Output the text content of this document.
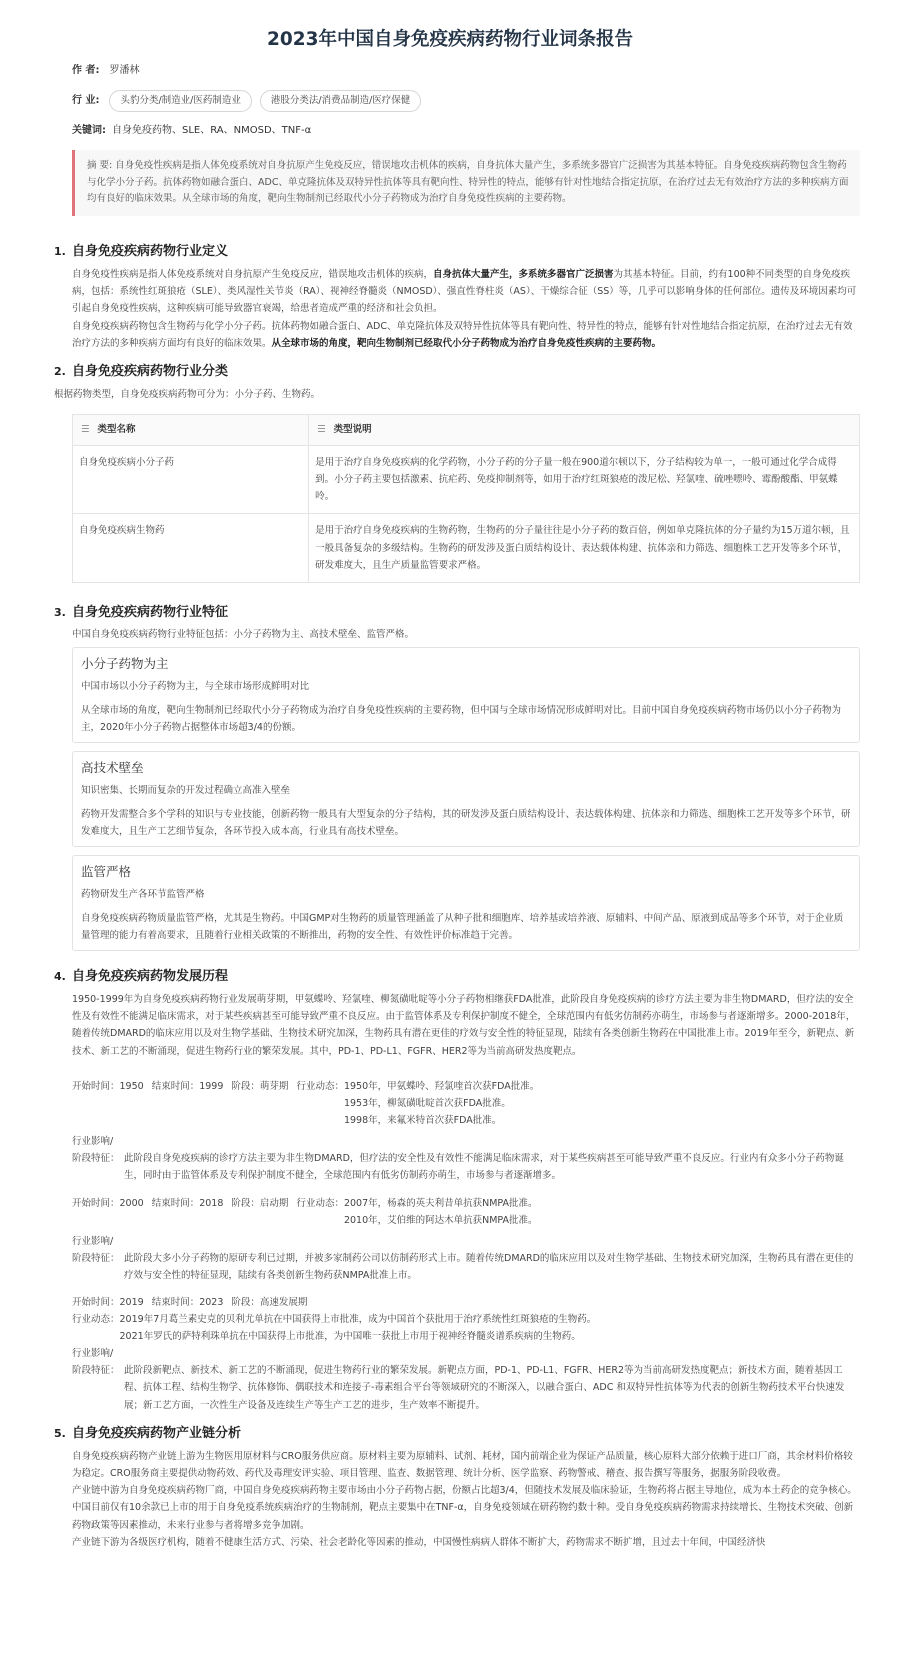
2023年中国自身免疫疾病药物行业词条报告
作 者: 罗潘林
行 业:	头豹分类/制造业/医药制造业	港股分类法/消费品制造/医疗保健
关键词: 自身免疫药物、SLE、RA、NMOSD、TNF-α
摘 要: 自身免疫性疾病是指人体免疫系统对自身抗原产生免疫反应，错误地攻击机体的疾病，自身抗体大量产生，多系统多器官广泛损害为其基本特征。自身免疫疾病药物包含生物药与化学小分子药。抗体药物如融合蛋白、ADC、单克隆抗体及双特异性抗体等具有靶向性、特异性的特点，能够有针对性地结合指定抗原，在治疗过去无有效治疗方法的多种疾病方面均有良好的临床效果。从全球市场的角度，靶向生物制剂已经取代小分子药物成为治疗自身免疫性疾病的主要药物。
1. 自身免疫疾病药物行业定义

自身免疫性疾病是指人体免疫系统对自身抗原产生免疫反应，错误地攻击机体的疾病，自身抗体大量产生，多系统多器官广泛损害为其基本特征。目前，约有100种不同类型的自身免疫疾病，包括：系统性红斑狼疮（SLE）、类风湿性关节炎（RA）、视神经脊髓炎（NMOSD）、强直性脊柱炎（AS）、干燥综合征（SS）等，几乎可以影响身体的任何部位。遗传及环境因素均可引起自身免疫性疾病，这种疾病可能导致器官衰竭，给患者造成严重的经济和社会负担。

自身免疫疾病药物包含生物药与化学小分子药。抗体药物如融合蛋白、ADC、单克隆抗体及双特异性抗体等具有靶向性、特异性的特点，能够有针对性地结合指定抗原，在治疗过去无有效治疗方法的多种疾病方面均有良好的临床效果。从全球市场的角度，靶向生物制剂已经取代小分子药物成为治疗自身免疫性疾病的主要药物。

2. 自身免疫疾病药物行业分类

根据药物类型，自身免疫疾病药物可分为：小分子药、生物药。

☰ 类型名称	☰ 类型说明
自身免疫疾病小分子药	是用于治疗自身免疫疾病的化学药物，小分子药的分子量一般在900道尔顿以下，分子结构较为单一，一般可通过化学合成得到。小分子药主要包括激素、抗疟药、免疫抑制剂等，如用于治疗红斑狼疮的泼尼松、羟氯喹、硫唑嘌呤、霉酚酸酯、甲氨蝶呤。
自身免疫疾病生物药	是用于治疗自身免疫疾病的生物药物，生物药的分子量往往是小分子药的数百倍，例如单克隆抗体的分子量约为15万道尔顿，且一般具备复杂的多级结构。生物药的研发涉及蛋白质结构设计、表达载体构建、抗体亲和力筛选、细胞株工艺开发等多个环节，研发难度大，且生产质量监管要求严格。
3. 自身免疫疾病药物行业特征

中国自身免疫疾病药物行业特征包括：小分子药物为主、高技术壁垒、监管严格。

小分子药物为主
中国市场以小分子药物为主，与全球市场形成鲜明对比
从全球市场的角度，靶向生物制剂已经取代小分子药物成为治疗自身免疫性疾病的主要药物，但中国与全球市场情况形成鲜明对比。目前中国自身免疫疾病药物市场仍以小分子药物为主，2020年小分子药物占据整体市场超3/4的份额。
高技术壁垒
知识密集、长期而复杂的开发过程确立高准入壁垒
药物开发需整合多个学科的知识与专业技能，创新药物一般具有大型复杂的分子结构，其的研发涉及蛋白质结构设计、表达载体构建、抗体亲和力筛选、细胞株工艺开发等多个环节，研发难度大，且生产工艺细节复杂，各环节投入成本高，行业具有高技术壁垒。
监管严格
药物研发生产各环节监管严格
自身免疫疾病药物质量监管严格，尤其是生物药。中国GMP对生物药的质量管理涵盖了从种子批和细胞库、培养基或培养液、原辅料、中间产品、原液到成品等多个环节，对于企业质量管理的能力有着高要求，且随着行业相关政策的不断推出，药物的安全性、有效性评价标准趋于完善。
4. 自身免疫疾病药物发展历程

1950-1999年为自身免疫疾病药物行业发展萌芽期，甲氨蝶呤、羟氯喹、柳氮磺吡啶等小分子药物相继获FDA批准，此阶段自身免疫疾病的诊疗方法主要为非生物DMARD，但疗法的安全性及有效性不能满足临床需求，对于某些疾病甚至可能导致严重不良反应。由于监管体系及专利保护制度不健全，全球范围内有低劣仿制药亦萌生，市场参与者逐渐增多。2000-2018年，随着传统DMARD的临床应用以及对生物学基础、生物技术研究加深，生物药具有潜在更佳的疗效与安全性的特征显现，陆续有各类创新生物药在中国批准上市。2019年至今，新靶点、新技术、新工艺的不断涌现，促进生物药行业的繁荣发展。其中，PD-1、PD-L1、FGFR、HER2等为当前高研发热度靶点。

开始时间： 1950 结束时间： 1999 阶段： 萌芽期 行业动态： 1950年，甲氨蝶呤、羟氯喹首次获FDA批准。
1953年，柳氮磺吡啶首次获FDA批准。
1998年，来氟米特首次获FDA批准。
行业影响/
阶段特征： 此阶段自身免疫疾病的诊疗方法主要为非生物DMARD，但疗法的安全性及有效性不能满足临床需求，对于某些疾病甚至可能导致严重不良反应。行业内有众多小分子药物诞生，同时由于监管体系及专利保护制度不健全，全球范围内有低劣仿制药亦萌生，市场参与者逐渐增多。
开始时间： 2000 结束时间： 2018 阶段： 启动期 行业动态： 2007年，杨森的英夫利昔单抗获NMPA批准。
2010年，艾伯维的阿达木单抗获NMPA批准。
行业影响/
阶段特征： 此阶段大多小分子药物的原研专利已过期，并被多家制药公司以仿制药形式上市。随着传统DMARD的临床应用以及对生物学基础、生物技术研究加深，生物药具有潜在更佳的疗效与安全性的特征显现，陆续有各类创新生物药获NMPA批准上市。
开始时间： 2019 结束时间： 2023 阶段： 高速发展期
行业动态： 2019年7月葛兰素史克的贝利尤单抗在中国获得上市批准，成为中国首个获批用于治疗系统性红斑狼疮的生物药。
2021年罗氏的萨特利珠单抗在中国获得上市批准，为中国唯一获批上市用于视神经脊髓炎谱系疾病的生物药。
行业影响/
阶段特征： 此阶段新靶点、新技术、新工艺的不断涌现，促进生物药行业的繁荣发展。新靶点方面，PD-1、PD-L1、FGFR、HER2等为当前高研发热度靶点；新技术方面，随着基因工程、抗体工程、结构生物学、抗体修饰、偶联技术和连接子-毒素组合平台等领域研究的不断深入，以融合蛋白、ADC 和双特异性抗体等为代表的创新生物药技术平台快速发展；新工艺方面，一次性生产设备及连续生产等生产工艺的进步，生产效率不断提升。
5. 自身免疫疾病药物产业链分析

自身免疫疾病药物产业链上游为生物医用原材料与CRO服务供应商。原材料主要为原辅料、试剂、耗材，国内前端企业为保证产品质量，核心原料大部分依赖于进口厂商，其余材料价格较为稳定。CRO服务商主要提供动物药效、药代及毒理安评实验、项目管理、监查、数据管理、统计分析、医学监察、药物警戒、稽查、报告撰写等服务，据服务阶段收费。

产业链中游为自身免疫疾病药物厂商，中国自身免疫疾病药物主要市场由小分子药物占据，份额占比超3/4，但随技术发展及临床验证，生物药将占据主导地位，成为本土药企的竞争核心。中国目前仅有10余款已上市的用于自身免疫系统疾病治疗的生物制剂，靶点主要集中在TNF-α，自身免疫领域在研药物约数十种。受自身免疫疾病药物需求持续增长、生物技术突破、创新药物政策等因素推动，未来行业参与者将增多竞争加剧。

产业链下游为各级医疗机构，随着不健康生活方式、污染、社会老龄化等因素的推动，中国慢性病病人群体不断扩大，药物需求不断扩增，且过去十年间，中国经济快
